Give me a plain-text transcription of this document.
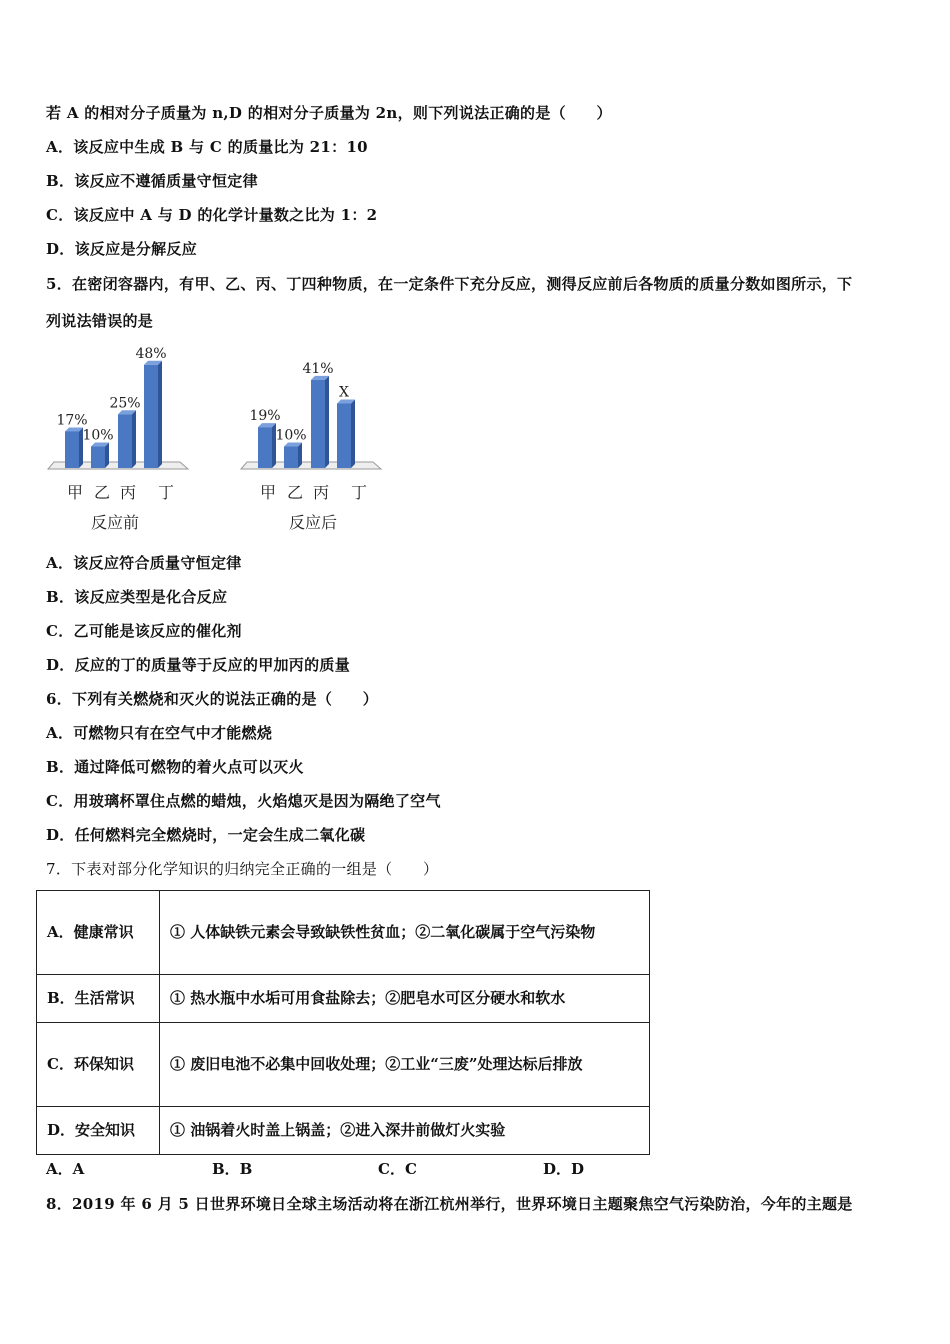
若 A 的相对分子质量为 n,D 的相对分子质量为 2n，则下列说法正确的是（　　）
A．该反应中生成 B 与 C 的质量比为 21：10
B．该反应不遵循质量守恒定律
C．该反应中 A 与 D 的化学计量数之比为 1：2
D．该反应是分解反应
5．在密闭容器内，有甲、乙、丙、丁四种物质，在一定条件下充分反应，测得反应前后各物质的质量分数如图所示，下
列说法错误的是
17%
甲
10%
乙
25%
丙
48%
丁
反应前
19%
甲
10%
乙
41%
丙
X
丁
反应后
A．该反应符合质量守恒定律
B．该反应类型是化合反应
C．乙可能是该反应的催化剂
D．反应的丁的质量等于反应的甲加丙的质量
6．下列有关燃烧和灭火的说法正确的是（　　）
A．可燃物只有在空气中才能燃烧
B．通过降低可燃物的着火点可以灭火
C．用玻璃杯罩住点燃的蜡烛，火焰熄灭是因为隔绝了空气
D．任何燃料完全燃烧时，一定会生成二氧化碳
7．下表对部分化学知识的归纳完全正确的一组是（　　）
A．健康常识	① 人体缺铁元素会导致缺铁性贫血；②二氧化碳属于空气污染物
B．生活常识	① 热水瓶中水垢可用食盐除去；②肥皂水可区分硬水和软水
C．环保知识	① 废旧电池不必集中回收处理；②工业“三废”处理达标后排放
D．安全知识	① 油锅着火时盖上锅盖；②进入深井前做灯火实验
A．A	B．B	C．C	D．D
8．2019 年 6 月 5 日世界环境日全球主场活动将在浙江杭州举行，世界环境日主题聚焦空气污染防治，今年的主题是
